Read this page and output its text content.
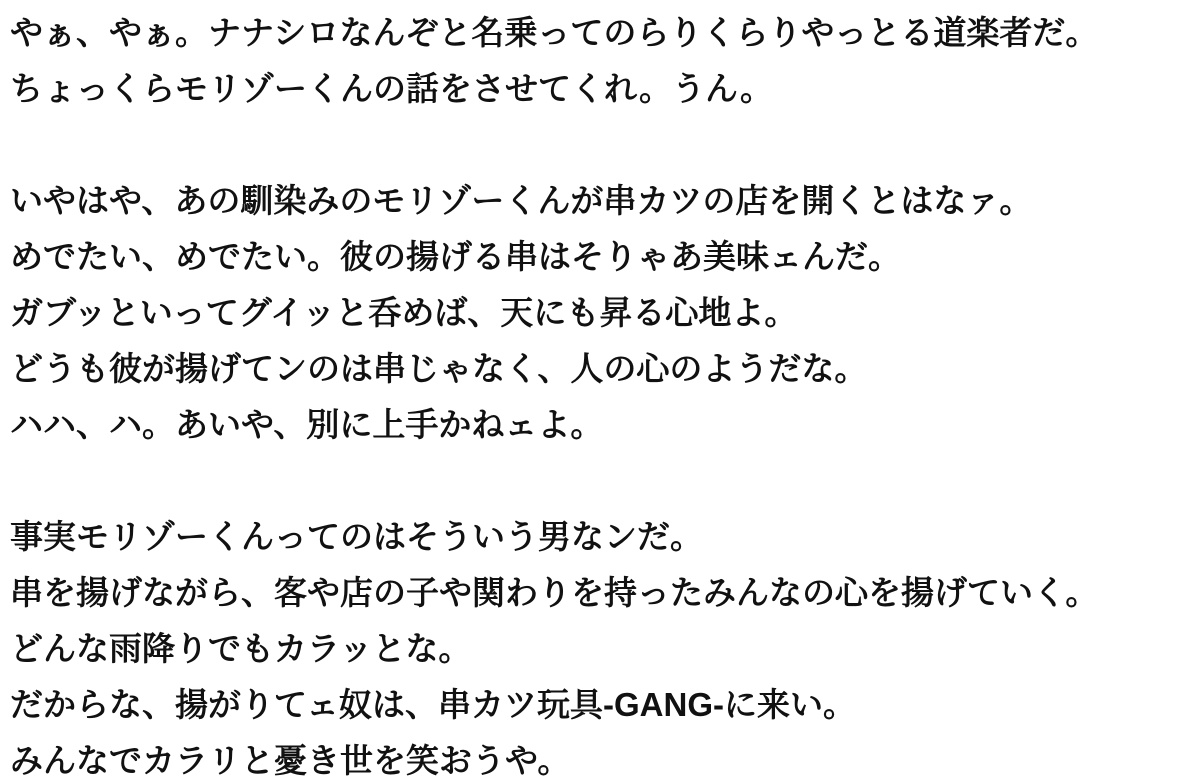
やぁ、やぁ。ナナシロなんぞと名乗ってのらりくらりやっとる道楽者だ。
ちょっくらモリゾーくんの話をさせてくれ。うん。
いやはや、あの馴染みのモリゾーくんが串カツの店を開くとはなァ。
めでたい、めでたい。彼の揚げる串はそりゃあ美味ェんだ。
ガブッといってグイッと呑めば、天にも昇る心地よ。
どうも彼が揚げてンのは串じゃなく、人の心のようだな。
ハハ、ハ。あいや、別に上手かねェよ。
事実モリゾーくんってのはそういう男なンだ。
串を揚げながら、客や店の子や関わりを持ったみんなの心を揚げていく。
どんな雨降りでもカラッとな。
だからな、揚がりてェ奴は、串カツ玩具-GANG-に来い。
みんなでカラリと憂き世を笑おうや。
